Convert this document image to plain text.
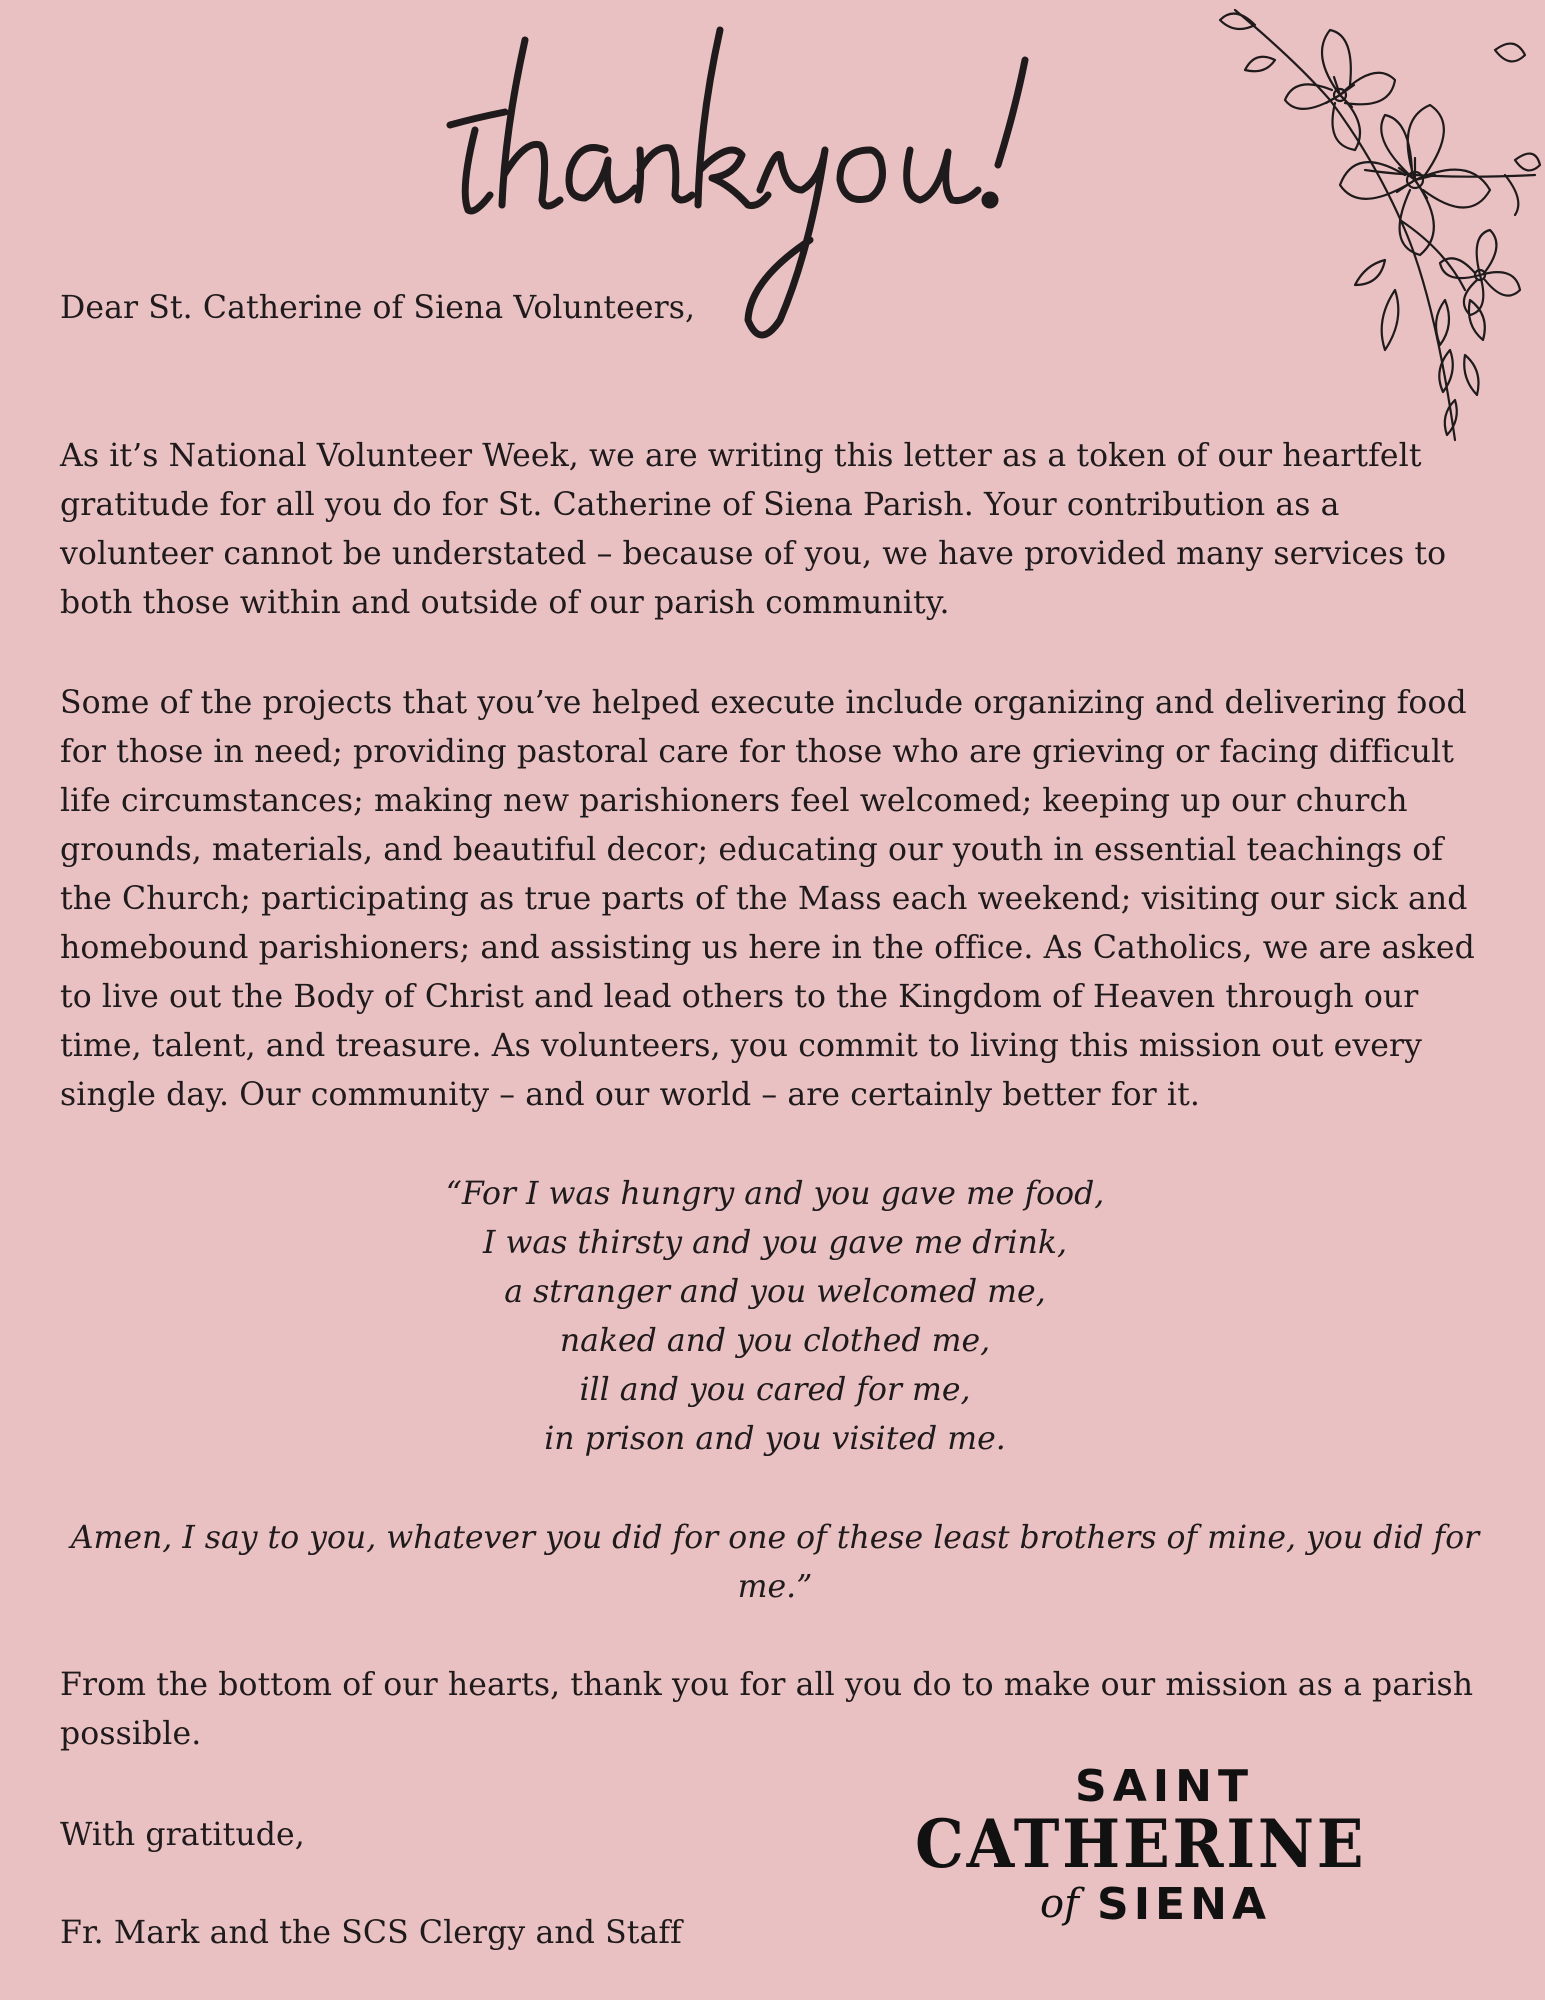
Dear St. Catherine of Siena Volunteers,

As it’s National Volunteer Week, we are writing this letter as a token of our heartfelt gratitude for all you do for St. Catherine of Siena Parish. Your contribution as a volunteer cannot be understated – because of you, we have provided many services to both those within and outside of our parish community.

Some of the projects that you’ve helped execute include organizing and delivering food for those in need; providing pastoral care for those who are grieving or facing difficult life circumstances; making new parishioners feel welcomed; keeping up our church grounds, materials, and beautiful decor; educating our youth in essential teachings of the Church; participating as true parts of the Mass each weekend; visiting our sick and homebound parishioners; and assisting us here in the office. As Catholics, we are asked to live out the Body of Christ and lead others to the Kingdom of Heaven through our time, talent, and treasure. As volunteers, you commit to living this mission out every single day. Our community – and our world – are certainly better for it.

“For I was hungry and you gave me food,
I was thirsty and you gave me drink,
a stranger and you welcomed me,
naked and you clothed me,
ill and you cared for me,
in prison and you visited me.

Amen, I say to you, whatever you did for one of these least brothers of mine, you did for me.”

From the bottom of our hearts, thank you for all you do to make our mission as a parish possible.

With gratitude,

Fr. Mark and the SCS Clergy and Staff

SAINT
CATHERINE
of SIENA
